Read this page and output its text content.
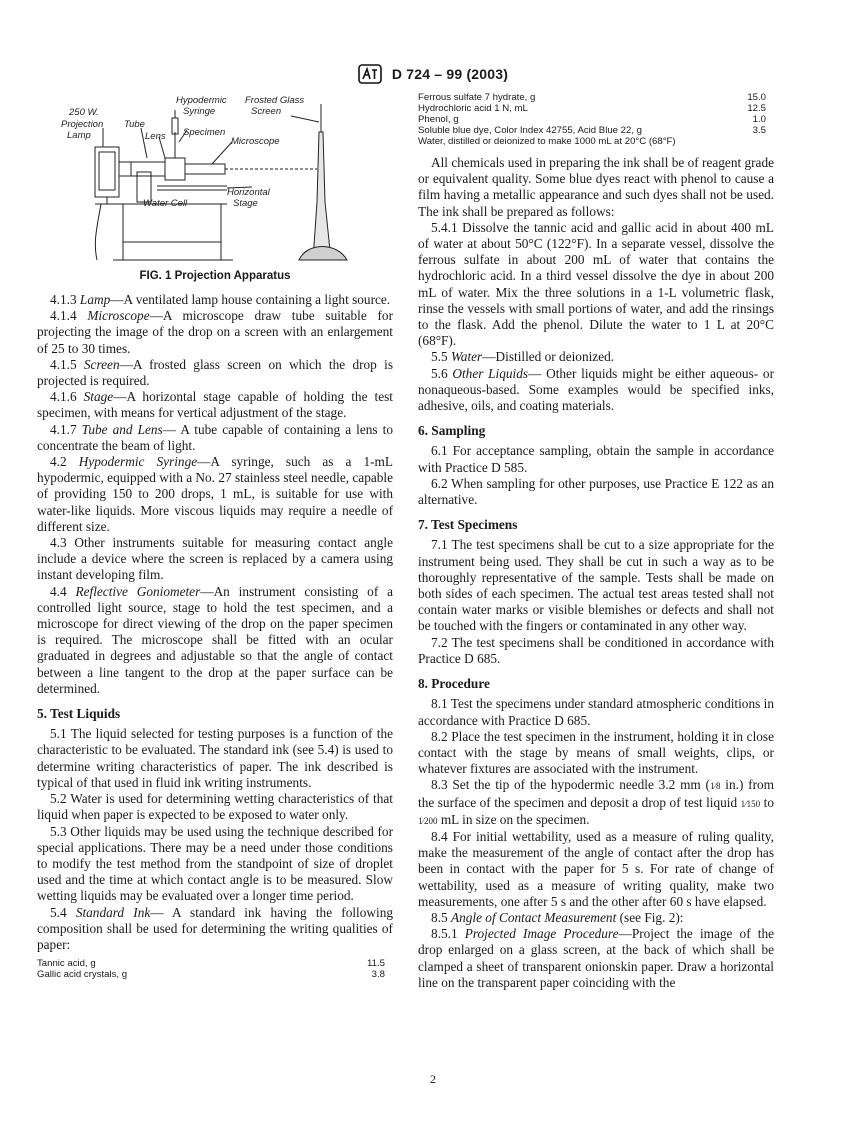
D 724 – 99 (2003)
250 W.
Projection
Lamp
Tube
Lens
Hypodermic
Syringe
Specimen
Frosted Glass
Screen
Microscope
Horizontal
Stage
Water Cell
FIG. 1 Projection Apparatus

4.1.3 Lamp—A ventilated lamp house containing a light source.

4.1.4 Microscope—A microscope draw tube suitable for projecting the image of the drop on a screen with an enlargement of 25 to 30 times.

4.1.5 Screen—A frosted glass screen on which the drop is projected is required.

4.1.6 Stage—A horizontal stage capable of holding the test specimen, with means for vertical adjustment of the stage.

4.1.7 Tube and Lens— A tube capable of containing a lens to concentrate the beam of light.

4.2 Hypodermic Syringe—A syringe, such as a 1-mL hypodermic, equipped with a No. 27 stainless steel needle, capable of providing 150 to 200 drops, 1 mL, is suitable for use with water-like liquids. More viscous liquids may require a needle of different size.

4.3 Other instruments suitable for measuring contact angle include a device where the screen is replaced by a camera using instant developing film.

4.4 Reflective Goniometer—An instrument consisting of a controlled light source, stage to hold the test specimen, and a microscope for direct viewing of the drop on the paper specimen is required. The microscope shall be fitted with an ocular graduated in degrees and adjustable so that the angle of contact between a line tangent to the drop at the paper surface can be determined.

5. Test Liquids

5.1 The liquid selected for testing purposes is a function of the characteristic to be evaluated. The standard ink (see 5.4) is used to determine writing characteristics of paper. The ink described is typical of that used in fluid ink writing instruments.

5.2 Water is used for determining wetting characteristics of that liquid when paper is expected to be exposed to water only.

5.3 Other liquids may be used using the technique described for special applications. There may be a need under those conditions to modify the test method from the standpoint of size of droplet used and the time at which contact angle is to be measured. Slow wetting liquids may be evaluated over a longer time period.

5.4 Standard Ink— A standard ink having the following composition shall be used for determining the writing qualities of paper:

Tannic acid, g	11.5
Gallic acid crystals, g	3.8
Ferrous sulfate 7 hydrate, g	15.0
Hydrochloric acid 1 N, mL	12.5
Phenol, g	1.0
Soluble blue dye, Color Index 42755, Acid Blue 22, g	3.5
Water, distilled or deionized to make 1000 mL at 20°C (68°F)	

All chemicals used in preparing the ink shall be of reagent grade or equivalent quality. Some blue dyes react with phenol to cause a film having a metallic appearance and such dyes shall not be used. The ink shall be prepared as follows:

5.4.1 Dissolve the tannic acid and gallic acid in about 400 mL of water at about 50°C (122°F). In a separate vessel, dissolve the ferrous sulfate in about 200 mL of water that contains the hydrochloric acid. In a third vessel dissolve the dye in about 200 mL of water. Mix the three solutions in a 1-L volumetric flask, rinse the vessels with small portions of water, and add the rinsings to the flask. Add the phenol. Dilute the water to 1 L at 20°C (68°F).

5.5 Water—Distilled or deionized.

5.6 Other Liquids— Other liquids might be either aqueous- or nonaqueous-based. Some examples would be specified inks, adhesive, oils, and coating materials.

6. Sampling

6.1 For acceptance sampling, obtain the sample in accordance with Practice D 585.

6.2 When sampling for other purposes, use Practice E 122 as an alternative.

7. Test Specimens

7.1 The test specimens shall be cut to a size appropriate for the instrument being used. They shall be cut in such a way as to be thoroughly representative of the sample. Tests shall be made on both sides of each specimen. The actual test areas tested shall not contain water marks or visible blemishes or defects and shall not be touched with the fingers or contaminated in any other way.

7.2 The test specimens shall be conditioned in accordance with Practice D 685.

8. Procedure

8.1 Test the specimens under standard atmospheric conditions in accordance with Practice D 685.

8.2 Place the test specimen in the instrument, holding it in close contact with the stage by means of small weights, clips, or whatever fixtures are associated with the instrument.

8.3 Set the tip of the hypodermic needle 3.2 mm (1⁄8 in.) from the surface of the specimen and deposit a drop of test liquid 1⁄150 to 1⁄200 mL in size on the specimen.

8.4 For initial wettability, used as a measure of ruling quality, make the measurement of the angle of contact after the drop has been in contact with the paper for 5 s. For rate of change of wettability, used as a measure of writing quality, make two measurements, one after 5 s and the other after 60 s have elapsed.

8.5 Angle of Contact Measurement (see Fig. 2):

8.5.1 Projected Image Procedure—Project the image of the drop enlarged on a glass screen, at the back of which shall be clamped a sheet of transparent onionskin paper. Draw a horizontal line on the transparent paper coinciding with the

2
